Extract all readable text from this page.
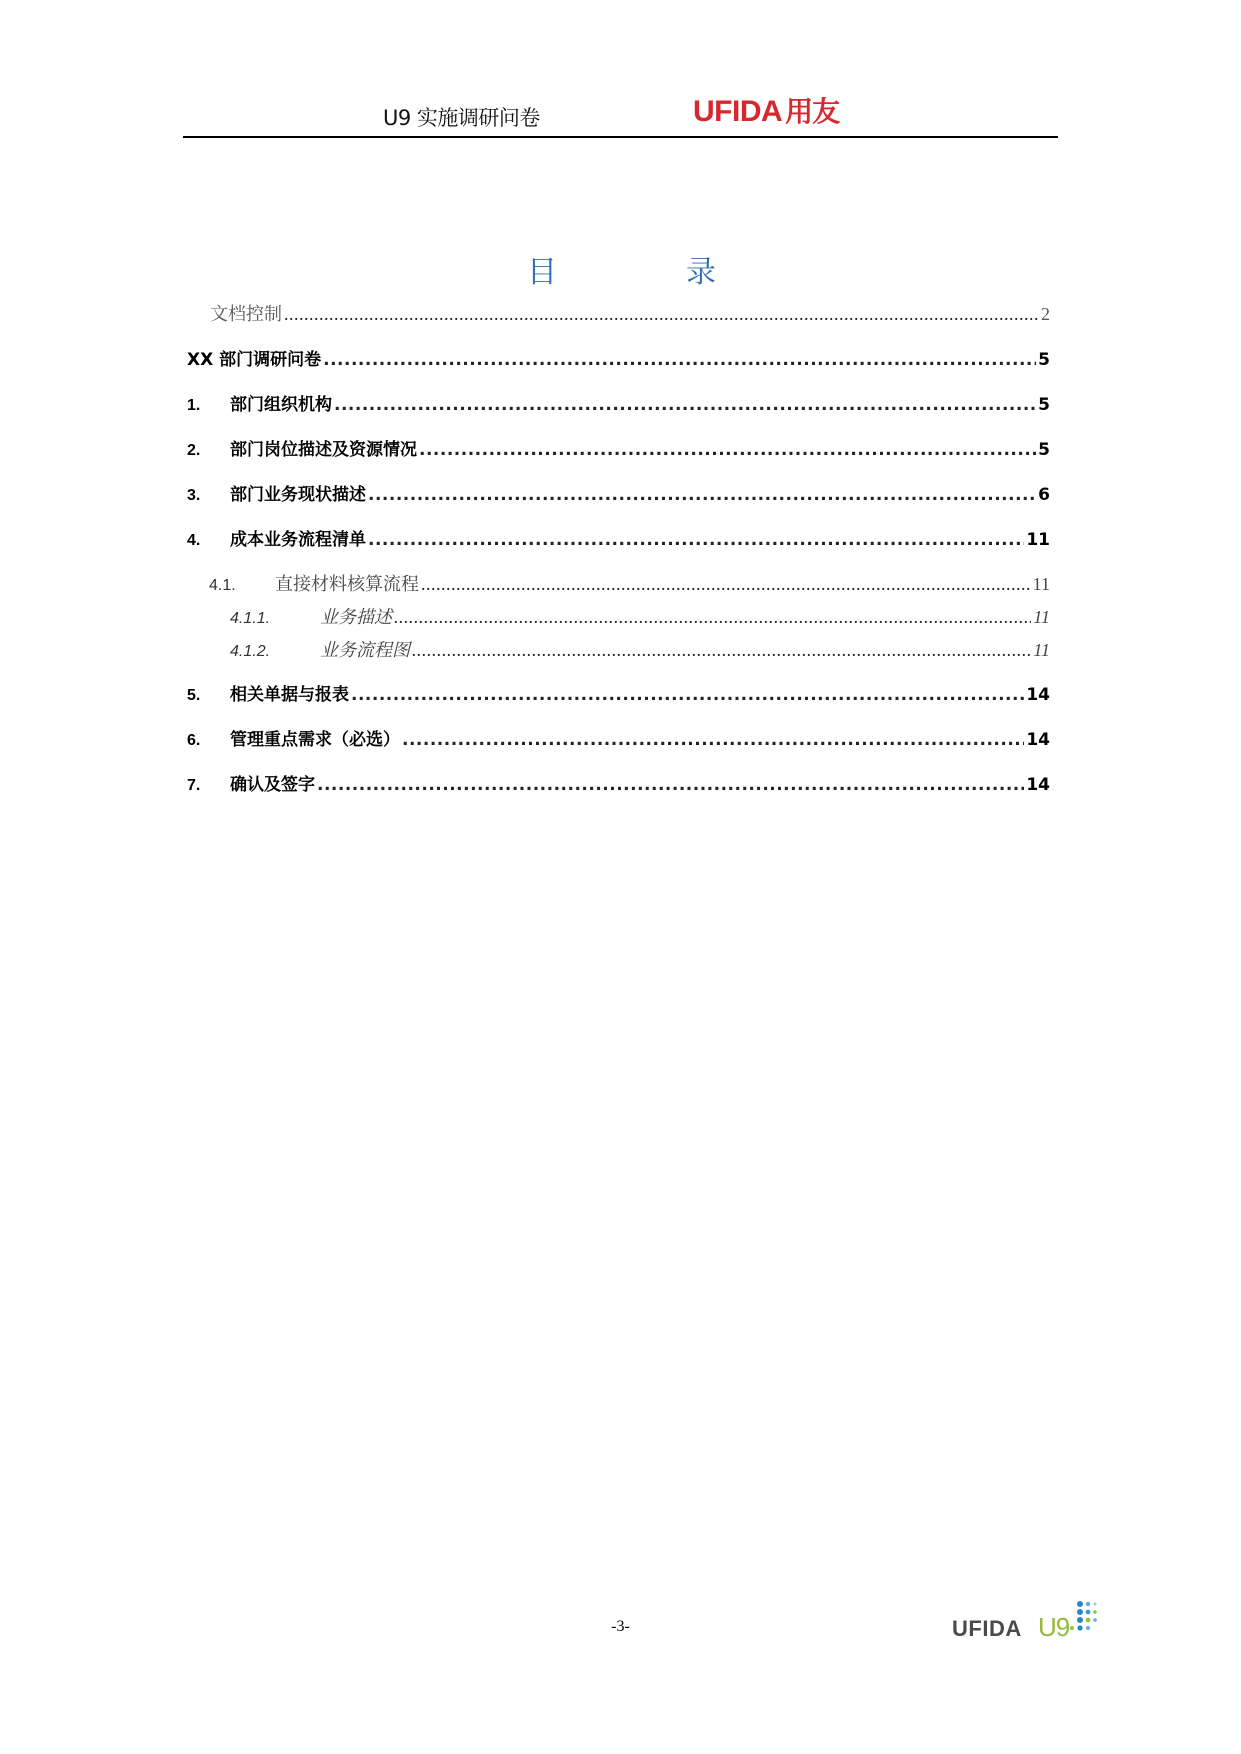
U9 实施调研问卷	UFIDA 用友
目	录
文档控制 .....	2
XX 部门调研问卷 .....	5
1.	部门组织机构 .....	5
2.	部门岗位描述及资源情况 .....	5
3.	部门业务现状描述 .....	6
4.	成本业务流程清单 .....	11
4.1.	直接材料核算流程 .....	11
4.1.1.	业务描述 .....	11
4.1.2.	业务流程图 .....	11
5.	相关单据与报表 .....	14
6.	管理重点需求（必选） .....	14
7.	确认及签字 .....	14
-3-	UFIDA U9
